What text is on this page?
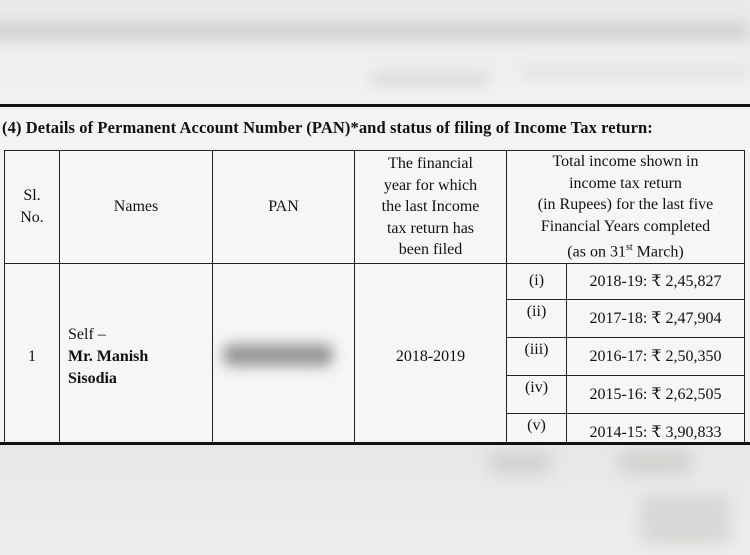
(4) Details of Permanent Account Number (PAN)*and status of filing of Income Tax return:
Sl.
No.	Names	PAN	The financial
year for which
the last Income
tax return has
been filed	Total income shown in
income tax return
(in Rupees) for the last five
Financial Years completed
(as on 31st March)	

1	Self –
Mr. Manish
Sisodia		2018-2019	(i)	2018-19: ₹ 2,45,827
				(ii)	2017-18: ₹ 2,47,904
				(iii)	2016-17: ₹ 2,50,350
				(iv)	2015-16: ₹ 2,62,505
				(v)	2014-15: ₹ 3,90,833
